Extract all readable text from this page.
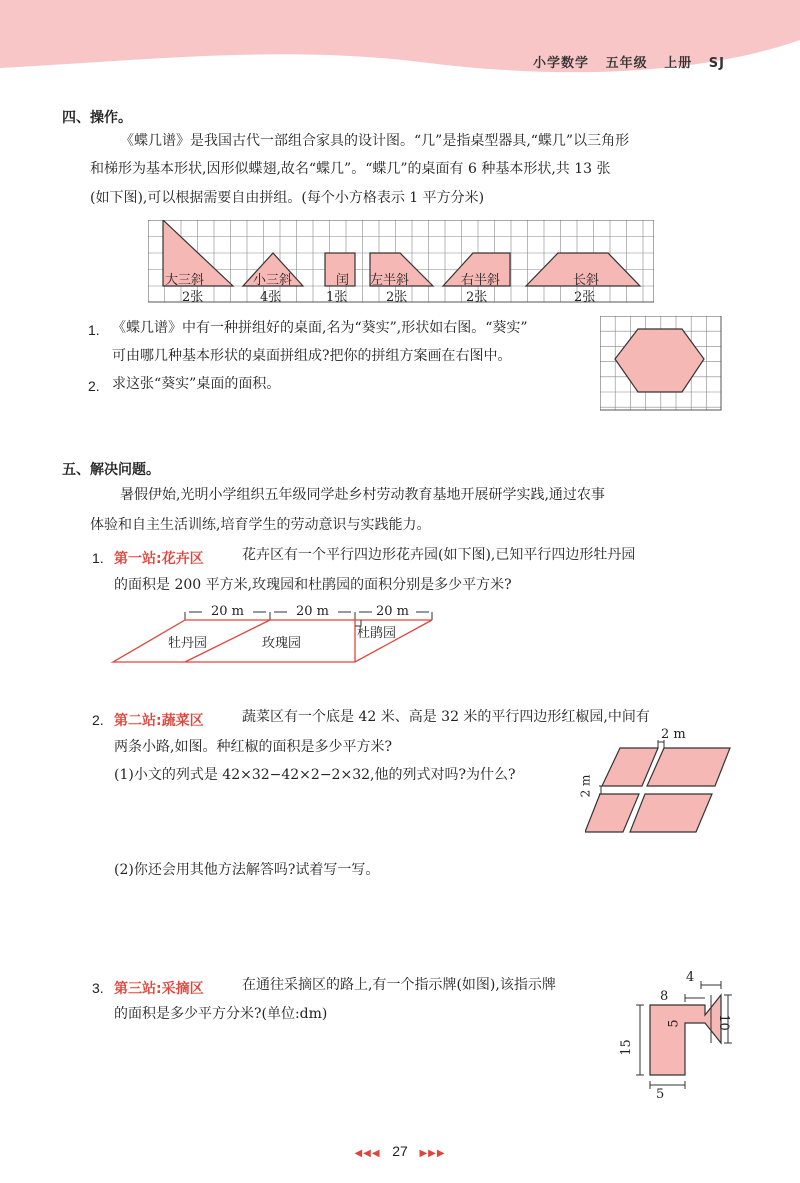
小学数学 五年级 上册 SJ
四、操作。
《蝶几谱》是我国古代一部组合家具的设计图。“几”是指桌型器具,“蝶几”以三角形
和梯形为基本形状,因形似蝶翅,故名“蝶几”。“蝶几”的桌面有 6 种基本形状,共 13 张
(如下图),可以根据需要自由拼组。(每个小方格表示 1 平方分米)
大三斜	小三斜	闰 左半斜	右半斜	长斜
2张	4张	1张	2张	2张	2张
1. 《蝶几谱》中有一种拼组好的桌面,名为“葵实”,形状如右图。“葵实”
可由哪几种基本形状的桌面拼组成?把你的拼组方案画在右图中。
2. 求这张“葵实”桌面的面积。
五、解决问题。
暑假伊始,光明小学组织五年级同学赴乡村劳动教育基地开展研学实践,通过农事
体验和自主生活训练,培育学生的劳动意识与实践能力。
1. 第一站:花卉区	花卉区有一个平行四边形花卉园(如下图),已知平行四边形牡丹园
的面积是 200 平方米,玫瑰园和杜鹃园的面积分别是多少平方米?
20 m	20 m	20 m
牡丹园	玫瑰园
杜鹃园
2. 第二站:蔬菜区	蔬菜区有一个底是 42 米、高是 32 米的平行四边形红椒园,中间有
两条小路,如图。种红椒的面积是多少平方米?
(1)小文的列式是 42×32−42×2−2×32,他的列式对吗?为什么?
(2)你还会用其他方法解答吗?试着写一写。
2 m
2 m
3. 第三站:采摘区	在通往采摘区的路上,有一个指示牌(如图),该指示牌
的面积是多少平方分米?(单位:dm)
4
8
5	10
15
5
◀◀◀ 27 ▶▶▶
